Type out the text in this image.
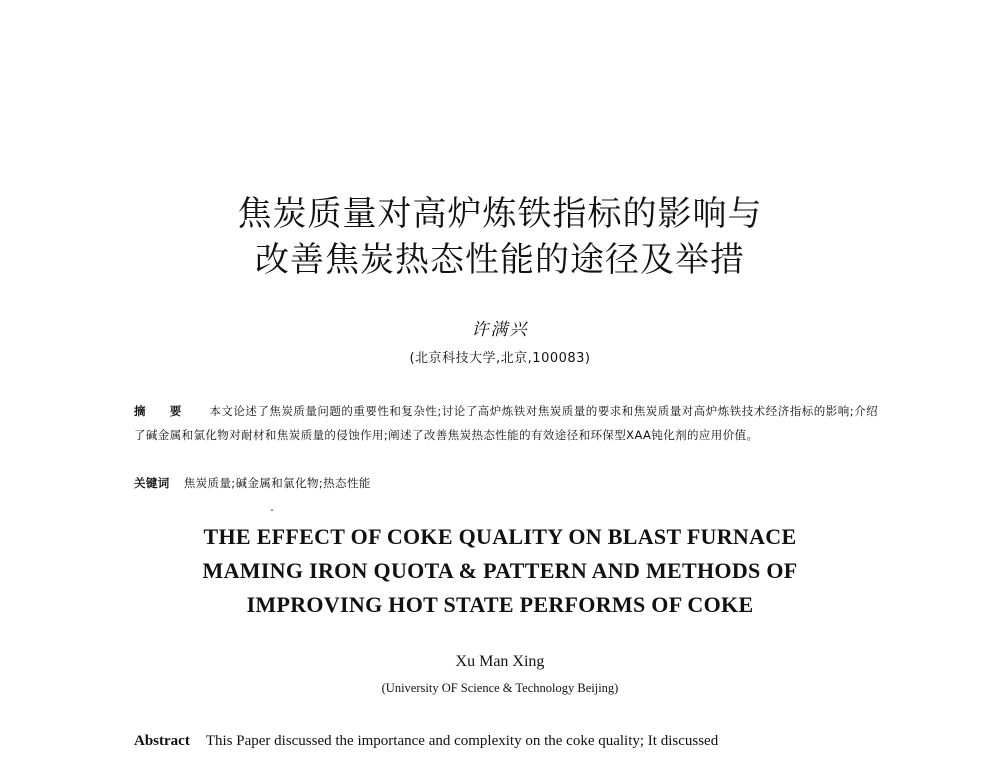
焦炭质量对高炉炼铁指标的影响与
改善焦炭热态性能的途径及举措
许满兴
(北京科技大学,北京,100083)
摘 要 本文论述了焦炭质量问题的重要性和复杂性;讨论了高炉炼铁对焦炭质量的要求和焦炭质量对高炉炼铁技术经济指标的影响;介绍了碱金属和氯化物对耐材和焦炭质量的侵蚀作用;阐述了改善焦炭热态性能的有效途径和环保型XAA钝化剂的应用价值。
关键词 焦炭质量;碱金属和氯化物;热态性能
THE EFFECT OF COKE QUALITY ON BLAST FURNACE
MAMING IRON QUOTA & PATTERN AND METHODS OF
IMPROVING HOT STATE PERFORMS OF COKE
Xu Man Xing
(University OF Science & Technology Beijing)
Abstract This Paper discussed the importance and complexity on the coke quality; It discussed
